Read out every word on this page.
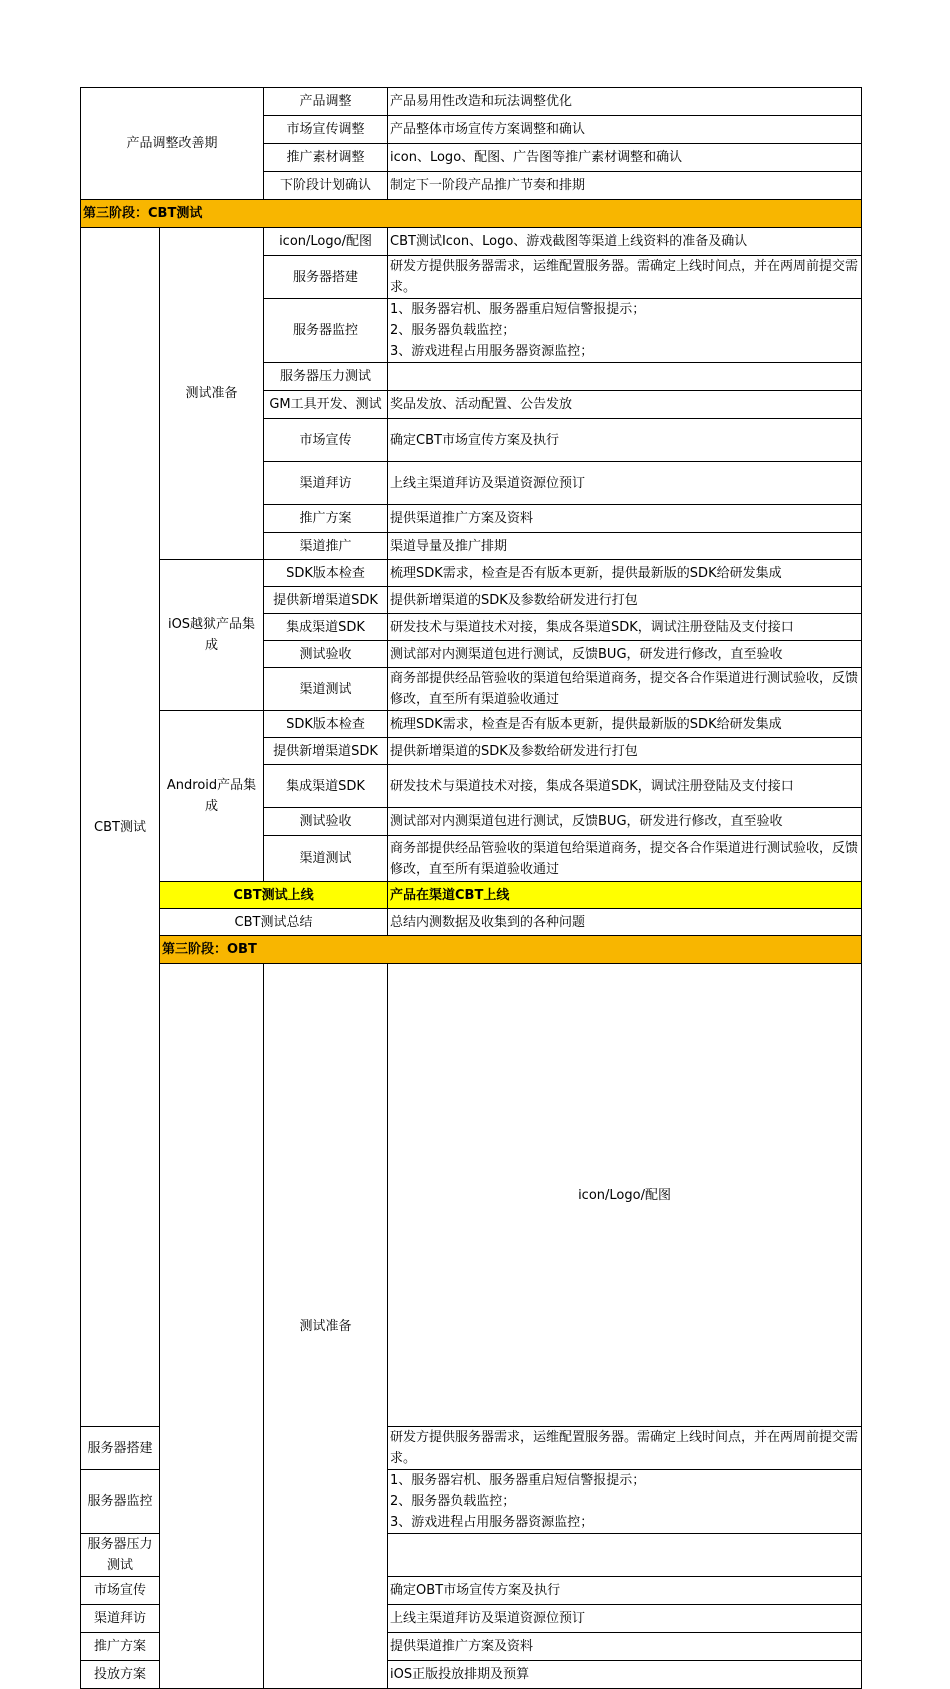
产品调整改善期		产品调整	产品易用性改造和玩法调整优化	
		市场宣传调整	产品整体市场宣传方案调整和确认	
		推广素材调整	icon、Logo、配图、广告图等推广素材调整和确认	
		下阶段计划确认	制定下一阶段产品推广节奏和排期	
第三阶段：CBT测试				
CBT测试	测试准备	icon/Logo/配图	CBT测试Icon、Logo、游戏截图等渠道上线资料的准备及确认	
		服务器搭建	研发方提供服务器需求，运维配置服务器。需确定上线时间点，并在两周前提交需求。	
		服务器监控	1、服务器宕机、服务器重启短信警报提示；
2、服务器负载监控；
3、游戏进程占用服务器资源监控；	
		服务器压力测试		
		GM工具开发、测试	奖品发放、活动配置、公告发放	
		市场宣传	确定CBT市场宣传方案及执行	
		渠道拜访	上线主渠道拜访及渠道资源位预订	
		推广方案	提供渠道推广方案及资料	
		渠道推广	渠道导量及推广排期	
	iOS越狱产品集成	SDK版本检查	梳理SDK需求，检查是否有版本更新，提供最新版的SDK给研发集成	
		提供新增渠道SDK	提供新增渠道的SDK及参数给研发进行打包	
		集成渠道SDK	研发技术与渠道技术对接，集成各渠道SDK，调试注册登陆及支付接口	
		测试验收	测试部对内测渠道包进行测试，反馈BUG，研发进行修改，直至验收	
		渠道测试	商务部提供经品管验收的渠道包给渠道商务，提交各合作渠道进行测试验收，反馈修改，直至所有渠道验收通过	
	Android产品集成	SDK版本检查	梳理SDK需求，检查是否有版本更新，提供最新版的SDK给研发集成	
		提供新增渠道SDK	提供新增渠道的SDK及参数给研发进行打包	
		集成渠道SDK	研发技术与渠道技术对接，集成各渠道SDK，调试注册登陆及支付接口	
		测试验收	测试部对内测渠道包进行测试，反馈BUG，研发进行修改，直至验收	
		渠道测试	商务部提供经品管验收的渠道包给渠道商务，提交各合作渠道进行测试验收，反馈修改，直至所有渠道验收通过	
	CBT测试上线		产品在渠道CBT上线	
	CBT测试总结		总结内测数据及收集到的各种问题	
	第三阶段：OBT			
		测试准备	icon/Logo/配图	
服务器搭建			研发方提供服务器需求，运维配置服务器。需确定上线时间点，并在两周前提交需求。	
服务器监控			1、服务器宕机、服务器重启短信警报提示；
2、服务器负载监控；
3、游戏进程占用服务器资源监控；	
服务器压力测试				
市场宣传			确定OBT市场宣传方案及执行	
渠道拜访			上线主渠道拜访及渠道资源位预订	
推广方案			提供渠道推广方案及资料	
投放方案			iOS正版投放排期及预算	
